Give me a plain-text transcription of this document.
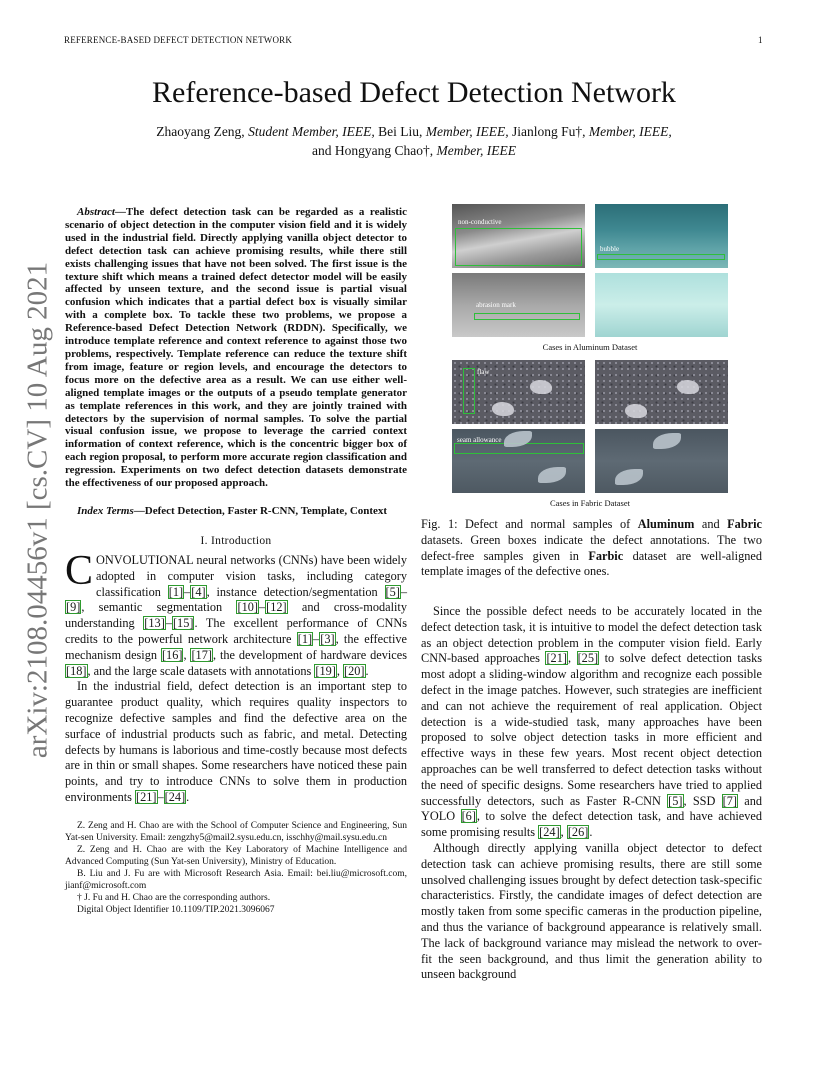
REFERENCE-BASED DEFECT DETECTION NETWORK	1
arXiv:2108.04456v1 [cs.CV] 10 Aug 2021
Reference-based Defect Detection Network
Zhaoyang Zeng, Student Member, IEEE, Bei Liu, Member, IEEE, Jianlong Fu†, Member, IEEE,
and Hongyang Chao†, Member, IEEE

Abstract—The defect detection task can be regarded as a realistic scenario of object detection in the computer vision field and it is widely used in the industrial field. Directly applying vanilla object detector to defect detection task can achieve promising results, while there still exists challenging issues that have not been solved. The first issue is the texture shift which means a trained defect detector model will be easily affected by unseen texture, and the second issue is partial visual confusion which indicates that a partial defect box is visually similar with a complete box. To tackle these two problems, we propose a Reference-based Defect Detection Network (RDDN). Specifically, we introduce template reference and context reference to against those two problems, respectively. Template reference can reduce the texture shift from image, feature or region levels, and encourage the detectors to focus more on the defective area as a result. We can use either well-aligned template images or the outputs of a pseudo template generator as template references in this work, and they are jointly trained with detectors by the supervision of normal samples. To solve the partial visual confusion issue, we propose to leverage the carried context information of context reference, which is the concentric bigger box of each region proposal, to perform more accurate region classification and regression. Experiments on two defect detection datasets demonstrate the effectiveness of our proposed approach.

Index Terms—Defect Detection, Faster R-CNN, Template, Context

I. Introduction

CONVOLUTIONAL neural networks (CNNs) have been widely adopted in computer vision tasks, including category classification [1]–[4], instance detection/segmentation [5]–[9], semantic segmentation [10]–[12] and cross-modality understanding [13]–[15]. The excellent performance of CNNs credits to the powerful network architecture [1]–[3], the effective mechanism design [16], [17], the development of hardware devices [18], and the large scale datasets with annotations [19], [20].

In the industrial field, defect detection is an important step to guarantee product quality, which requires quality inspectors to recognize defective samples and find the defective area on the surface of industrial products such as fabric, and metal. Detecting defects by humans is laborious and time-costly because most defects are in thin or small shapes. Some researchers have noticed these pain points, and try to introduce CNNs to solve them in production environments [21]–[24].

Z. Zeng and H. Chao are with the School of Computer Science and Engineering, Sun Yat-sen University. Email: zengzhy5@mail2.sysu.edu.cn, isschhy@mail.sysu.edu.cn

Z. Zeng and H. Chao are with the Key Laboratory of Machine Intelligence and Advanced Computing (Sun Yat-sen University), Ministry of Education.

B. Liu and J. Fu are with Microsoft Research Asia. Email: bei.liu@microsoft.com, jianf@microsoft.com

† J. Fu and H. Chao are the corresponding authors.

Digital Object Identifier 10.1109/TIP.2021.3096067

non-conductive
bubble
abrasion mark
Cases in Aluminum Dataset
flaw
seam allowance
Cases in Fabric Dataset
Fig. 1: Defect and normal samples of Aluminum and Fabric datasets. Green boxes indicate the defect annotations. The two defect-free samples given in Farbic dataset are well-aligned template images of the defective ones.

Since the possible defect needs to be accurately located in the defect detection task, it is intuitive to model the defect detection task as an object detection problem in the computer vision field. Early CNN-based approaches [21], [25] to solve defect detection tasks most adopt a sliding-window algorithm and recognize each possible defect in the image patches. However, such strategies are inefficient and can not achieve the requirement of real application. Object detection is a wide-studied task, many approaches have been proposed to solve object detection tasks in more efficient and effective ways in these few years. Most recent object detection approaches can be well transferred to defect detection tasks without the need of specific designs. Some researchers have tried to applied successfully detectors, such as Faster R-CNN [5], SSD [7] and YOLO [6], to solve the defect detection task, and have achieved some promising results [24], [26].

Although directly applying vanilla object detector to defect detection task can achieve promising results, there are still some unsolved challenging issues brought by defect detection task-specific characteristics. Firstly, the candidate images of defect detection are mostly taken from some specific cameras in the production pipeline, and thus the variance of background appearance is relatively small. The lack of background variance may mislead the network to over-fit the seen background, and thus limit the generation ability to unseen background
